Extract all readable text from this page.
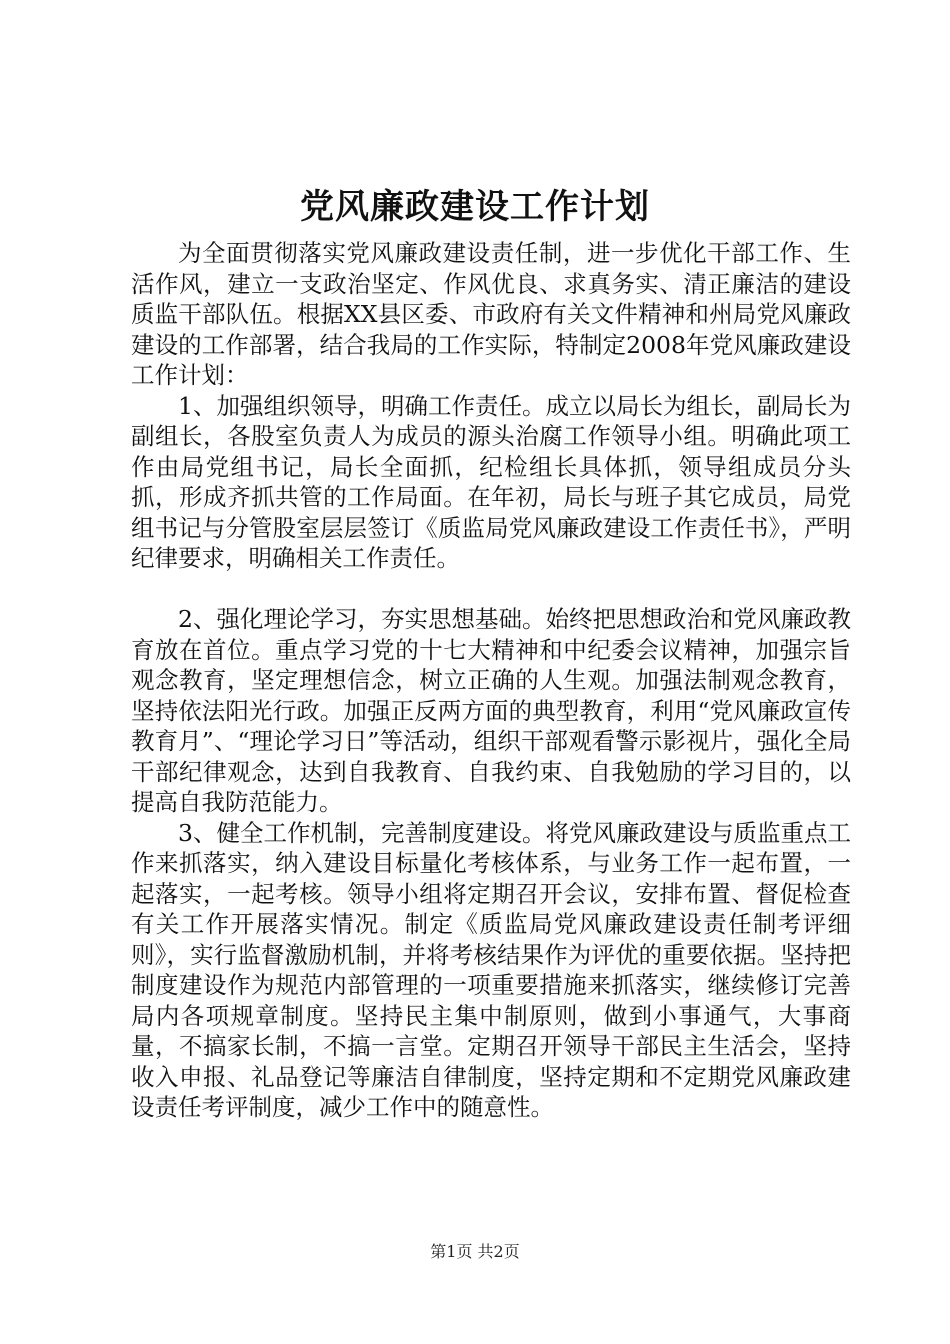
党风廉政建设工作计划

为全面贯彻落实党风廉政建设责任制，进一步优化干部工作、生活作风，建立一支政治坚定、作风优良、求真务实、清正廉洁的建设质监干部队伍。根据XX县区委、市政府有关文件精神和州局党风廉政建设的工作部署，结合我局的工作实际，特制定2008年党风廉政建设工作计划：

1、加强组织领导，明确工作责任。成立以局长为组长，副局长为副组长，各股室负责人为成员的源头治腐工作领导小组。明确此项工作由局党组书记，局长全面抓，纪检组长具体抓，领导组成员分头抓，形成齐抓共管的工作局面。在年初，局长与班子其它成员，局党组书记与分管股室层层签订《质监局党风廉政建设工作责任书》，严明纪律要求，明确相关工作责任。

2、强化理论学习，夯实思想基础。始终把思想政治和党风廉政教育放在首位。重点学习党的十七大精神和中纪委会议精神，加强宗旨观念教育，坚定理想信念，树立正确的人生观。加强法制观念教育，坚持依法阳光行政。加强正反两方面的典型教育，利用“党风廉政宣传教育月”、“理论学习日”等活动，组织干部观看警示影视片，强化全局干部纪律观念，达到自我教育、自我约束、自我勉励的学习目的，以提高自我防范能力。

3、健全工作机制，完善制度建设。将党风廉政建设与质监重点工作来抓落实，纳入建设目标量化考核体系，与业务工作一起布置，一起落实，一起考核。领导小组将定期召开会议，安排布置、督促检查有关工作开展落实情况。制定《质监局党风廉政建设责任制考评细则》，实行监督激励机制，并将考核结果作为评优的重要依据。坚持把制度建设作为规范内部管理的一项重要措施来抓落实，继续修订完善局内各项规章制度。坚持民主集中制原则，做到小事通气，大事商量，不搞家长制，不搞一言堂。定期召开领导干部民主生活会，坚持收入申报、礼品登记等廉洁自律制度，坚持定期和不定期党风廉政建设责任考评制度，减少工作中的随意性。

第1页 共2页
